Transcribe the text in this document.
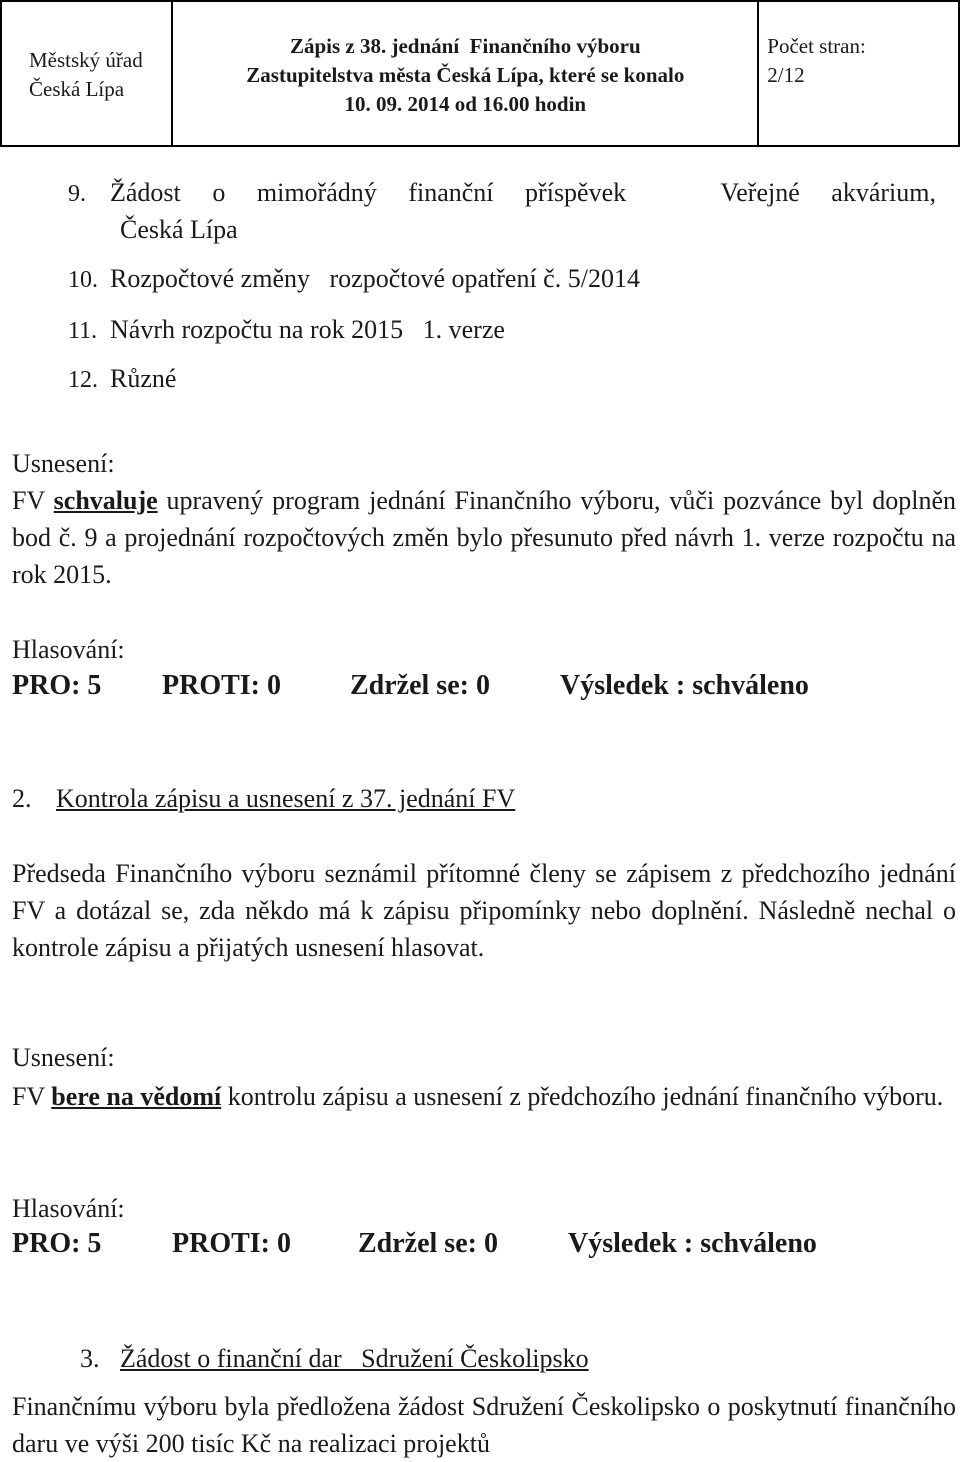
Městský úřad
Česká Lípa

Zápis z 38. jednání  Finančního výboru
Zastupitelstva města Česká Lípa, které se konalo
10. 09. 2014 od 16.00 hodin

Počet stran:
2/12
9. Žádost o mimořádný finanční příspěvek   Veřejné akvárium,
Česká Lípa
10. Rozpočtové změny   rozpočtové opatření č. 5/2014
11. Návrh rozpočtu na rok 2015   1. verze
12. Různé
Usnesení:
FV schvaluje upravený program jednání Finančního výboru, vůči pozvánce byl doplněn bod č. 9 a projednání rozpočtových změn bylo přesunuto před návrh 1. verze rozpočtu na rok 2015.
Hlasování:
PRO: 5 PROTI: 0 Zdržel se: 0	Výsledek : schváleno
2. Kontrola zápisu a usnesení z 37. jednání FV
Předseda Finančního výboru seznámil přítomné členy se zápisem z předchozího jednání FV a dotázal se, zda někdo má k zápisu připomínky nebo doplnění. Následně nechal o kontrole zápisu a přijatých usnesení hlasovat.
Usnesení:
FV bere na vědomí kontrolu zápisu a usnesení z předchozího jednání finančního výboru.
Hlasování:
PRO: 5	PROTI: 0 Zdržel se: 0	Výsledek : schváleno
3. Žádost o finanční dar   Sdružení Českolipsko
Finančnímu výboru byla předložena žádost Sdružení Českolipsko o poskytnutí finančního daru ve výši 200 tisíc Kč na realizaci projektů
